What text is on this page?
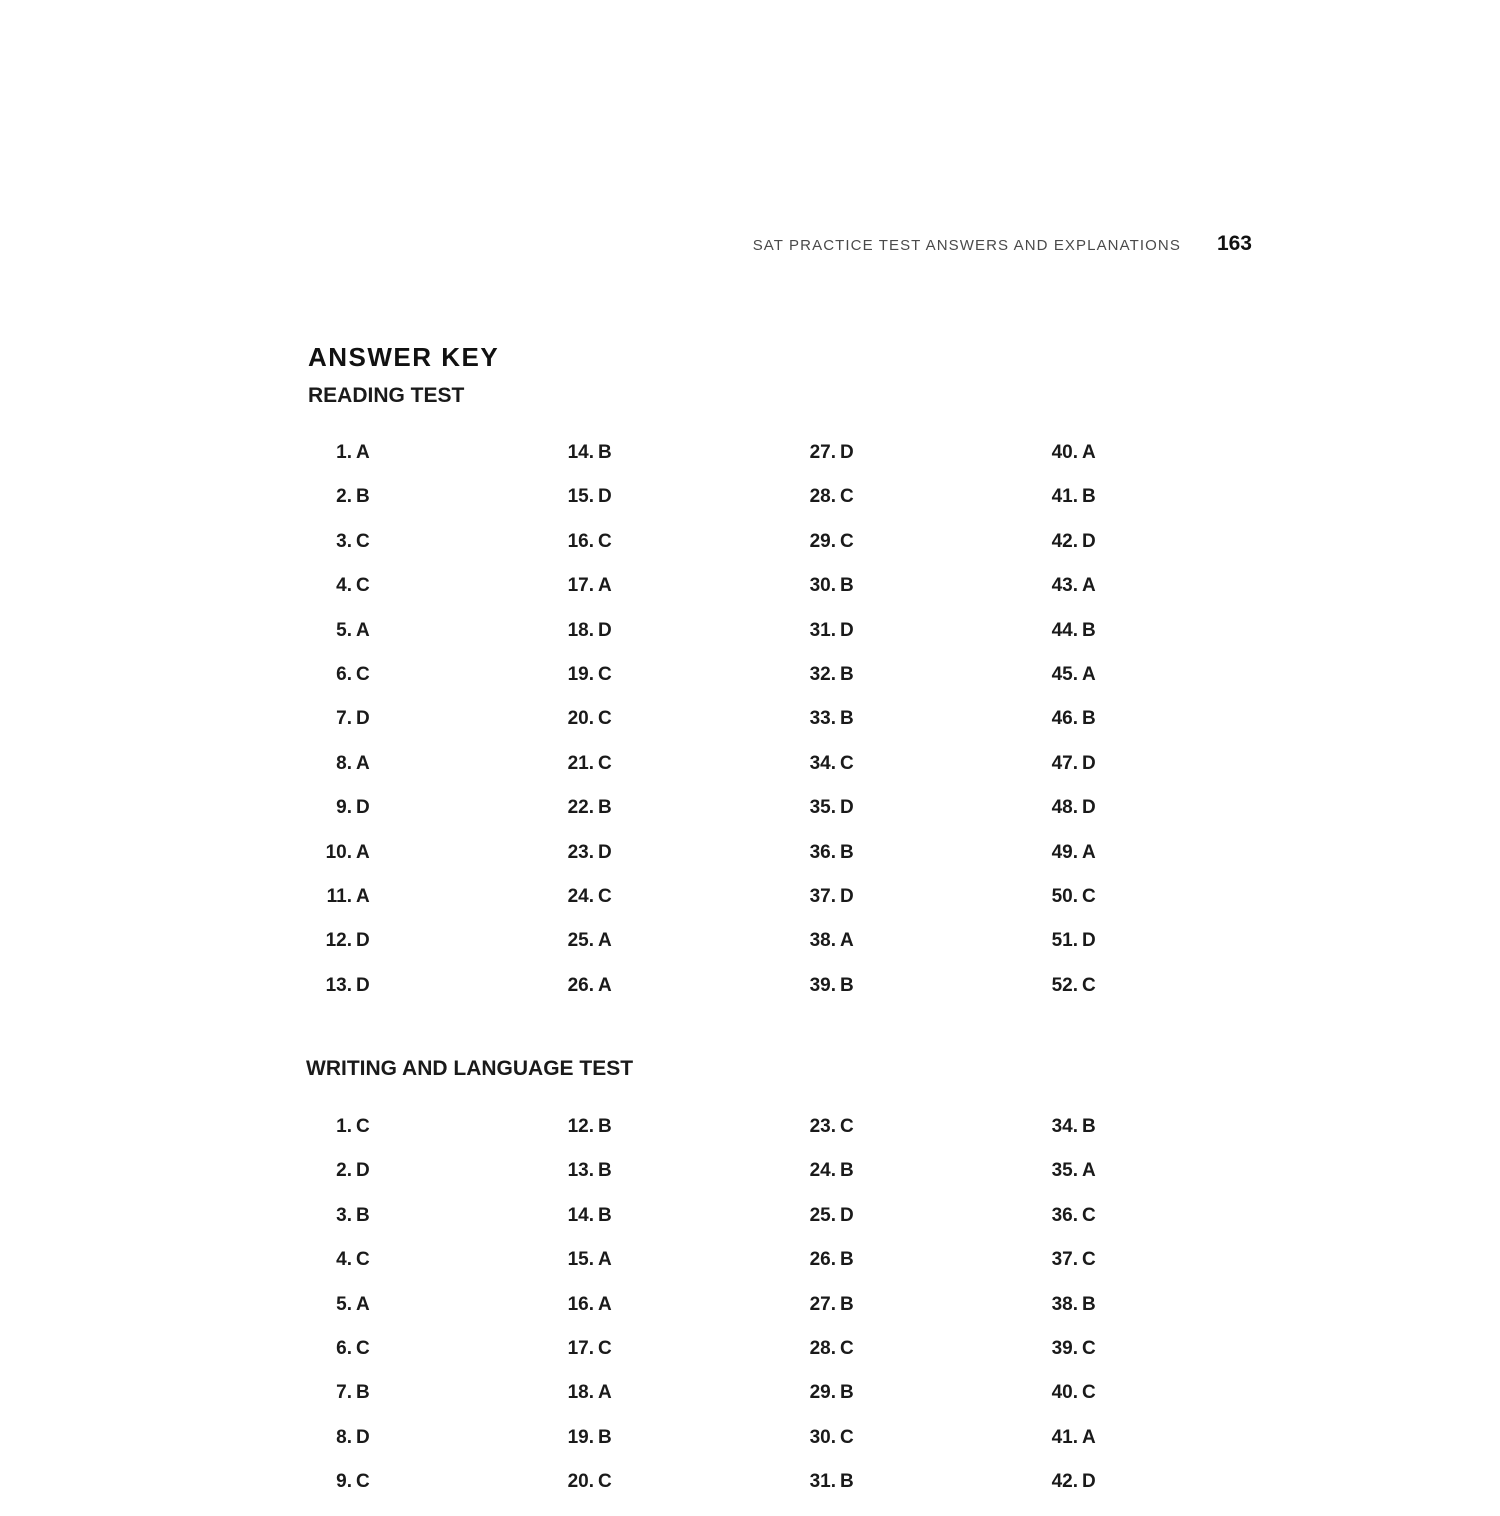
SAT PRACTICE TEST ANSWERS AND EXPLANATIONS 163
ANSWER KEY
READING TEST
1. A
2. B
3. C
4. C
5. A
6. C
7. D
8. A
9. D
10. A
11. A
12. D
13. D
14. B
15. D
16. C
17. A
18. D
19. C
20. C
21. C
22. B
23. D
24. C
25. A
26. A
27. D
28. C
29. C
30. B
31. D
32. B
33. B
34. C
35. D
36. B
37. D
38. A
39. B
40. A
41. B
42. D
43. A
44. B
45. A
46. B
47. D
48. D
49. A
50. C
51. D
52. C
WRITING AND LANGUAGE TEST
1. C
2. D
3. B
4. C
5. A
6. C
7. B
8. D
9. C
12. B
13. B
14. B
15. A
16. A
17. C
18. A
19. B
20. C
23. C
24. B
25. D
26. B
27. B
28. C
29. B
30. C
31. B
34. B
35. A
36. C
37. C
38. B
39. C
40. C
41. A
42. D
